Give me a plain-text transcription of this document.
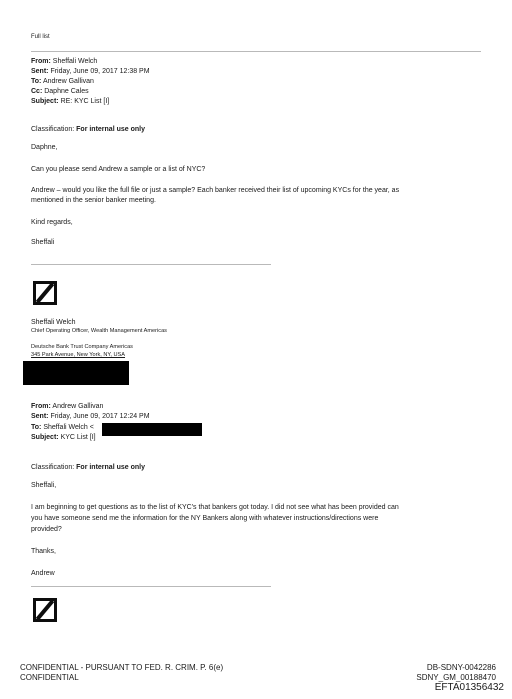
Full list
From: Sheffali Welch
Sent: Friday, June 09, 2017 12:38 PM
To: Andrew Gallivan
Cc: Daphne Cales
Subject: RE: KYC List [I]
Classification: For internal use only
Daphne,
Can you please send Andrew a sample or a list of NYC?
Andrew – would you like the full file or just a sample? Each banker received their list of upcoming KYCs for the year, as
mentioned in the senior banker meeting.
Kind regards,
Sheffali
Sheffali Welch
Chief Operating Officer, Wealth Management Americas
Deutsche Bank Trust Company Americas
345 Park Avenue, New York, NY, USA
From: Andrew Gallivan
Sent: Friday, June 09, 2017 12:24 PM
To: Sheffali Welch <
Subject: KYC List [I]
Classification: For internal use only
Sheffali,
I am beginning to get questions as to the list of KYC's that bankers got today. I did not see what has been provided can
you have someone send me the information for the NY Bankers along with whatever instructions/directions were
provided?
Thanks,
Andrew
CONFIDENTIAL - PURSUANT TO FED. R. CRIM. P. 6(e)
CONFIDENTIAL
DB-SDNY-0042286
SDNY_GM_00188470
EFTA01356432
